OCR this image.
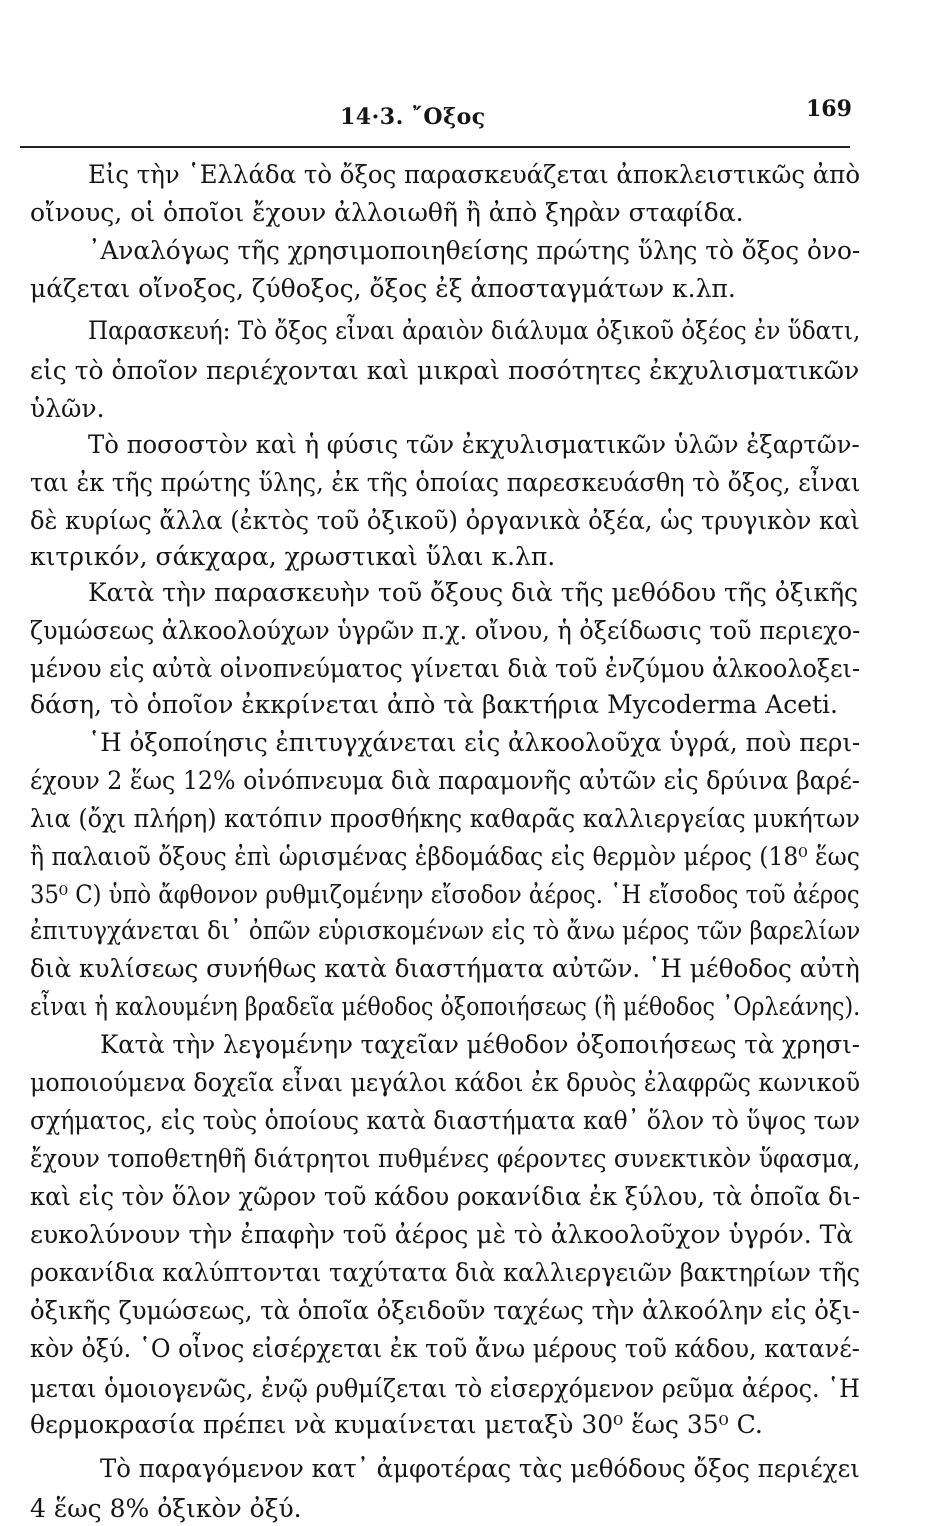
14·3. ῎Οξος	169
Εἰς τὴν ῾Ελλάδα τὸ ὄξος παρασκευάζεται ἀποκλειστικῶς ἀπὸ
οἴνους, οἱ ὁποῖοι ἔχουν ἀλλοιωθῆ ἢ ἀπὸ ξηρὰν σταφίδα.
᾿Αναλόγως τῆς χρησιμοποιηθείσης πρώτης ὕλης τὸ ὄξος ὀνο-
μάζεται οἴνοξος, ζύθοξος, ὄξος ἐξ ἀποσταγμάτων κ.λπ.
Παρασκευή: Τὸ ὄξος εἶναι ἀραιὸν διάλυμα ὀξικοῦ ὀξέος ἐν ὕδατι,
εἰς τὸ ὁποῖον περιέχονται καὶ μικραὶ ποσότητες ἐκχυλισματικῶν
ὑλῶν.
Τὸ ποσοστὸν καὶ ἡ φύσις τῶν ἐκχυλισματικῶν ὑλῶν ἐξαρτῶν-
ται ἐκ τῆς πρώτης ὕλης, ἐκ τῆς ὁποίας παρεσκευάσθη τὸ ὄξος, εἶναι
δὲ κυρίως ἄλλα (ἐκτὸς τοῦ ὀξικοῦ) ὀργανικὰ ὀξέα, ὡς τρυγικὸν καὶ
κιτρικόν, σάκχαρα, χρωστικαὶ ὕλαι κ.λπ.
Κατὰ τὴν παρασκευὴν τοῦ ὄξους διὰ τῆς μεθόδου τῆς ὀξικῆς
ζυμώσεως ἀλκοολούχων ὑγρῶν π.χ. οἴνου, ἡ ὀξείδωσις τοῦ περιεχο-
μένου εἰς αὐτὰ οἰνοπνεύματος γίνεται διὰ τοῦ ἐνζύμου ἀλκοολοξει-
δάση, τὸ ὁποῖον ἐκκρίνεται ἀπὸ τὰ βακτήρια Mycoderma Aceti.
῾Η ὀξοποίησις ἐπιτυγχάνεται εἰς ἀλκοολοῦχα ὑγρά, ποὺ περι-
έχουν 2 ἕως 12% οἰνόπνευμα διὰ παραμονῆς αὐτῶν εἰς δρύινα βαρέ-
λια (ὄχι πλήρη) κατόπιν προσθήκης καθαρᾶς καλλιεργείας μυκήτων
ἢ παλαιοῦ ὄξους ἐπὶ ὡρισμένας ἑβδομάδας εἰς θερμὸν μέρος (18⁰ ἕως
35⁰ C) ὑπὸ ἄφθονον ρυθμιζομένην εἴσοδον ἀέρος. ῾Η εἴσοδος τοῦ ἀέρος
ἐπιτυγχάνεται δι᾽ ὀπῶν εὑρισκομένων εἰς τὸ ἄνω μέρος τῶν βαρελίων
διὰ κυλίσεως συνήθως κατὰ διαστήματα αὐτῶν. ῾Η μέθοδος αὐτὴ
εἶναι ἡ καλουμένη βραδεῖα μέθοδος ὀξοποιήσεως (ἢ μέθοδος ᾿Ορλεάνης).
Κατὰ τὴν λεγομένην ταχεῖαν μέθοδον ὀξοποιήσεως τὰ χρησι-
μοποιούμενα δοχεῖα εἶναι μεγάλοι κάδοι ἐκ δρυὸς ἐλαφρῶς κωνικοῦ
σχήματος, εἰς τοὺς ὁποίους κατὰ διαστήματα καθ᾽ ὅλον τὸ ὕψος των
ἔχουν τοποθετηθῆ διάτρητοι πυθμένες φέροντες συνεκτικὸν ὕφασμα,
καὶ εἰς τὸν ὅλον χῶρον τοῦ κάδου ροκανίδια ἐκ ξύλου, τὰ ὁποῖα δι-
ευκολύνουν τὴν ἐπαφὴν τοῦ ἀέρος μὲ τὸ ἀλκοολοῦχον ὑγρόν. Τὰ
ροκανίδια καλύπτονται ταχύτατα διὰ καλλιεργειῶν βακτηρίων τῆς
ὀξικῆς ζυμώσεως, τὰ ὁποῖα ὀξειδοῦν ταχέως τὴν ἀλκοόλην εἰς ὀξι-
κὸν ὀξύ. ῾Ο οἶνος εἰσέρχεται ἐκ τοῦ ἄνω μέρους τοῦ κάδου, κατανέ-
μεται ὁμοιογενῶς, ἐνῷ ρυθμίζεται τὸ εἰσερχόμενον ρεῦμα ἀέρος. ῾Η
θερμοκρασία πρέπει νὰ κυμαίνεται μεταξὺ 30⁰ ἕως 35⁰ C.
Τὸ παραγόμενον κατ᾽ ἀμφοτέρας τὰς μεθόδους ὄξος περιέχει
4 ἕως 8% ὀξικὸν ὀξύ.
